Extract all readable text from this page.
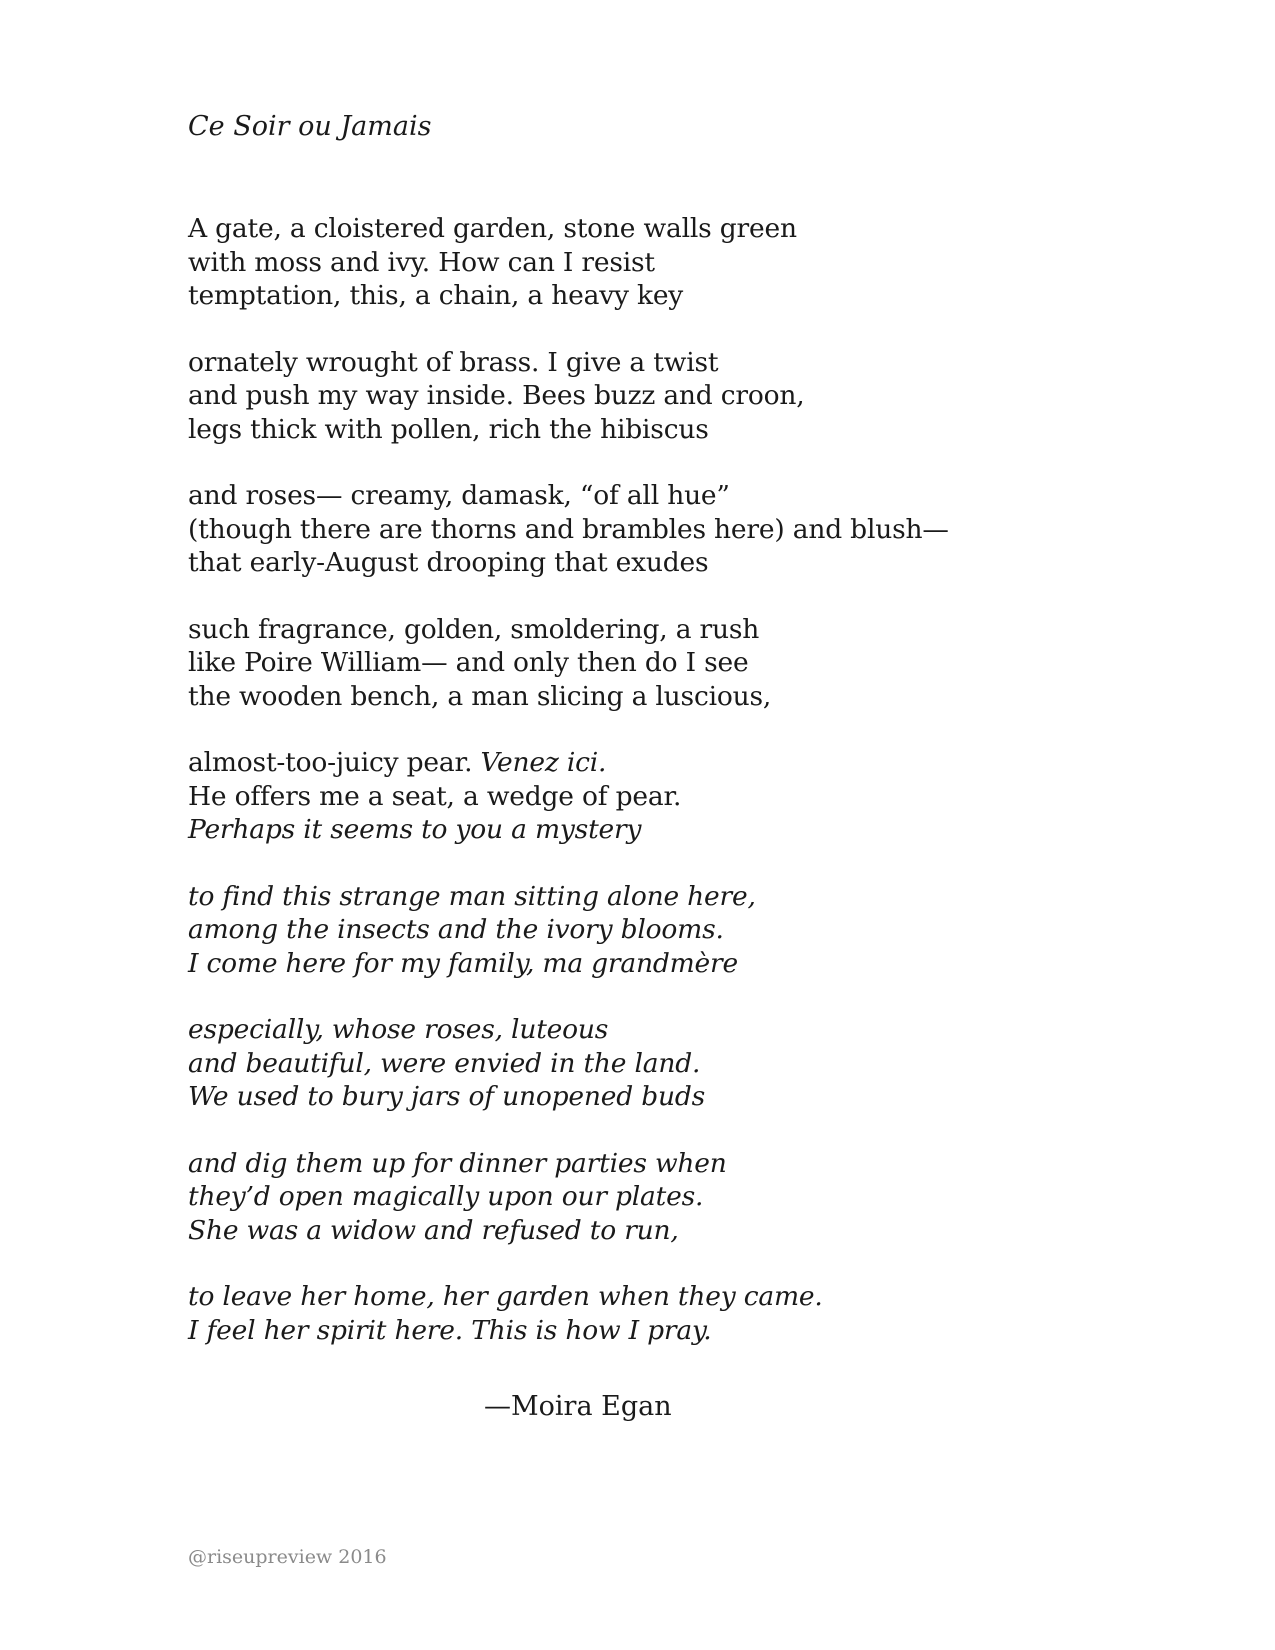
Ce Soir ou Jamais
A gate, a cloistered garden, stone walls green
with moss and ivy. How can I resist
temptation, this, a chain, a heavy key
ornately wrought of brass. I give a twist
and push my way inside. Bees buzz and croon,
legs thick with pollen, rich the hibiscus
and roses— creamy, damask, “of all hue”
(though there are thorns and brambles here) and blush—
that early-August drooping that exudes
such fragrance, golden, smoldering, a rush
like Poire William— and only then do I see
the wooden bench, a man slicing a luscious,
almost-too-juicy pear. Venez ici.
He offers me a seat, a wedge of pear.
Perhaps it seems to you a mystery
to find this strange man sitting alone here,
among the insects and the ivory blooms.
I come here for my family, ma grandmère
especially, whose roses, luteous
and beautiful, were envied in the land.
We used to bury jars of unopened buds
and dig them up for dinner parties when
they’d open magically upon our plates.
She was a widow and refused to run,
to leave her home, her garden when they came.
I feel her spirit here. This is how I pray.
—Moira Egan
@riseupreview 2016
